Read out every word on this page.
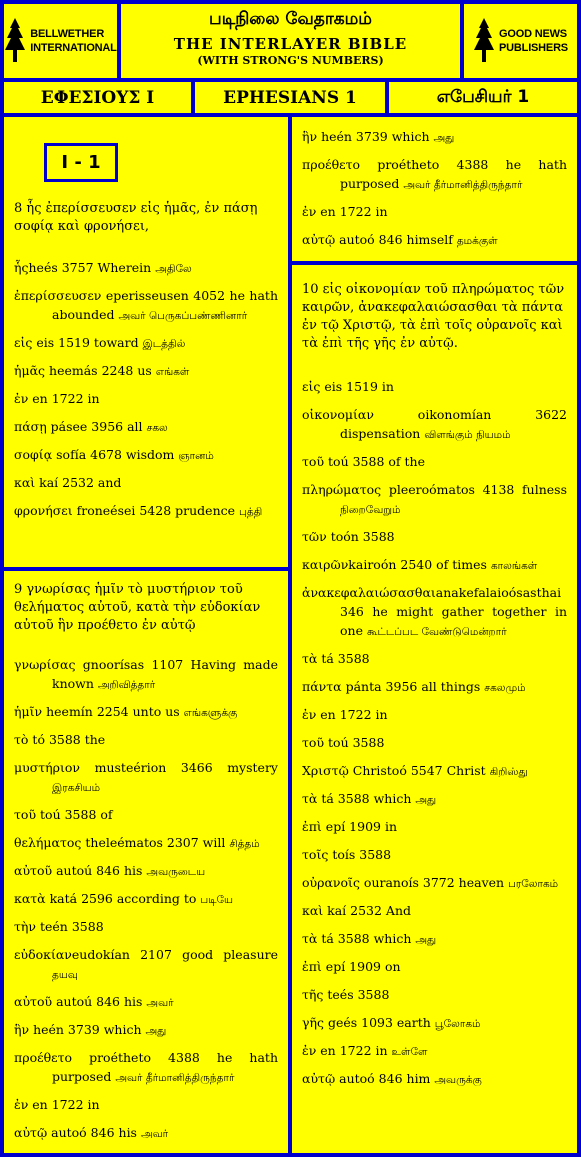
BELLWETHER
INTERNATIONAL
படிநிலை வேதாகமம்
THE INTERLAYER BIBLE
(WITH STRONG'S NUMBERS)
GOOD NEWS
PUBLISHERS
ΕΦΕΣΙΟΥΣ I	EPHESIANS 1	எபேசியர் 1
I - 1
8 ἧς ἐπερίσσευσεν εἰς ἡμᾶς, ἐν πάσῃ σοφίᾳ καὶ φρονήσει,
ἧςheés 3757 Wherein அதிலே
ἐπερίσσευσεν eperisseusen 4052 he hath abounded அவர் பெருகப்பண்ணினார்
εἰς eis 1519 toward இடத்தில்
ἡμᾶς heemás 2248 us எங்கள்
ἐν en 1722 in
πάσῃ pásee 3956 all சகல
σοφίᾳ sofía 4678 wisdom ஞானம்
καὶ kaí 2532 and
φρονήσει froneései 5428 prudence புத்தி
9 γνωρίσας ἡμῖν τὸ μυστήριον τοῦ θελήματος αὐτοῦ, κατὰ τὴν εὐδοκίαν αὐτοῦ ἣν προέθετο ἐν αὐτῷ
γνωρίσας gnoorísas 1107 Having made known அறிவித்தார்
ἡμῖν heemín 2254 unto us எங்களுக்கு
τὸ tó 3588 the
μυστήριον musteérion 3466 mystery இரகசியம்
τοῦ toú 3588 of
θελήματος theleématos 2307 will சித்தம்
αὐτοῦ autoú 846 his அவருடைய
κατὰ katá 2596 according to படியே
τὴν teén 3588
εὐδοκίανeudokían 2107 good pleasure தயவு
αὐτοῦ autoú 846 his அவர்
ἣν heén 3739 which அது
προέθετο proétheto 4388 he hath purposed அவர் தீர்மானித்திருந்தார்
ἐν en 1722 in
αὐτῷ autoó 846 his அவர்
ἣν heén 3739 which அது
προέθετο proétheto 4388 he hath purposed அவர் தீர்மானித்திருந்தார்
ἐν en 1722 in
αὐτῷ autoó 846 himself தமக்குள்
10 εἰς οἰκονομίαν τοῦ πληρώματος τῶν καιρῶν, ἀνακεφαλαιώσασθαι τὰ πάντα ἐν τῷ Χριστῷ, τὰ ἐπὶ τοῖς οὐρανοῖς καὶ τὰ ἐπὶ τῆς γῆς ἐν αὐτῷ.
εἰς eis 1519 in
οἰκονομίαν oikonomían 3622 dispensation விளங்கும் நியமம்
τοῦ toú 3588 of the
πληρώματος pleeroómatos 4138 fulness நிறைவேறும்
τῶν toón 3588
καιρῶνkairoón 2540 of times காலங்கள்
ἀνακεφαλαιώσασθαιanakefalaioósasthai 346 he might gather together in one கூட்டப்பட வேண்டுமென்றார்
τὰ tá 3588
πάντα pánta 3956 all things சகலமும்
ἐν en 1722 in
τοῦ toú 3588
Χριστῷ Christoó 5547 Christ கிறிஸ்து
τὰ tá 3588 which அது
ἐπὶ epí 1909 in
τοῖς toís 3588
οὐρανοῖς ouranoís 3772 heaven பரலோகம்
καὶ kaí 2532 And
τὰ tá 3588 which அது
ἐπὶ epí 1909 on
τῆς teés 3588
γῆς geés 1093 earth பூலோகம்
ἐν en 1722 in உள்ளே
αὐτῷ autoó 846 him அவருக்கு
